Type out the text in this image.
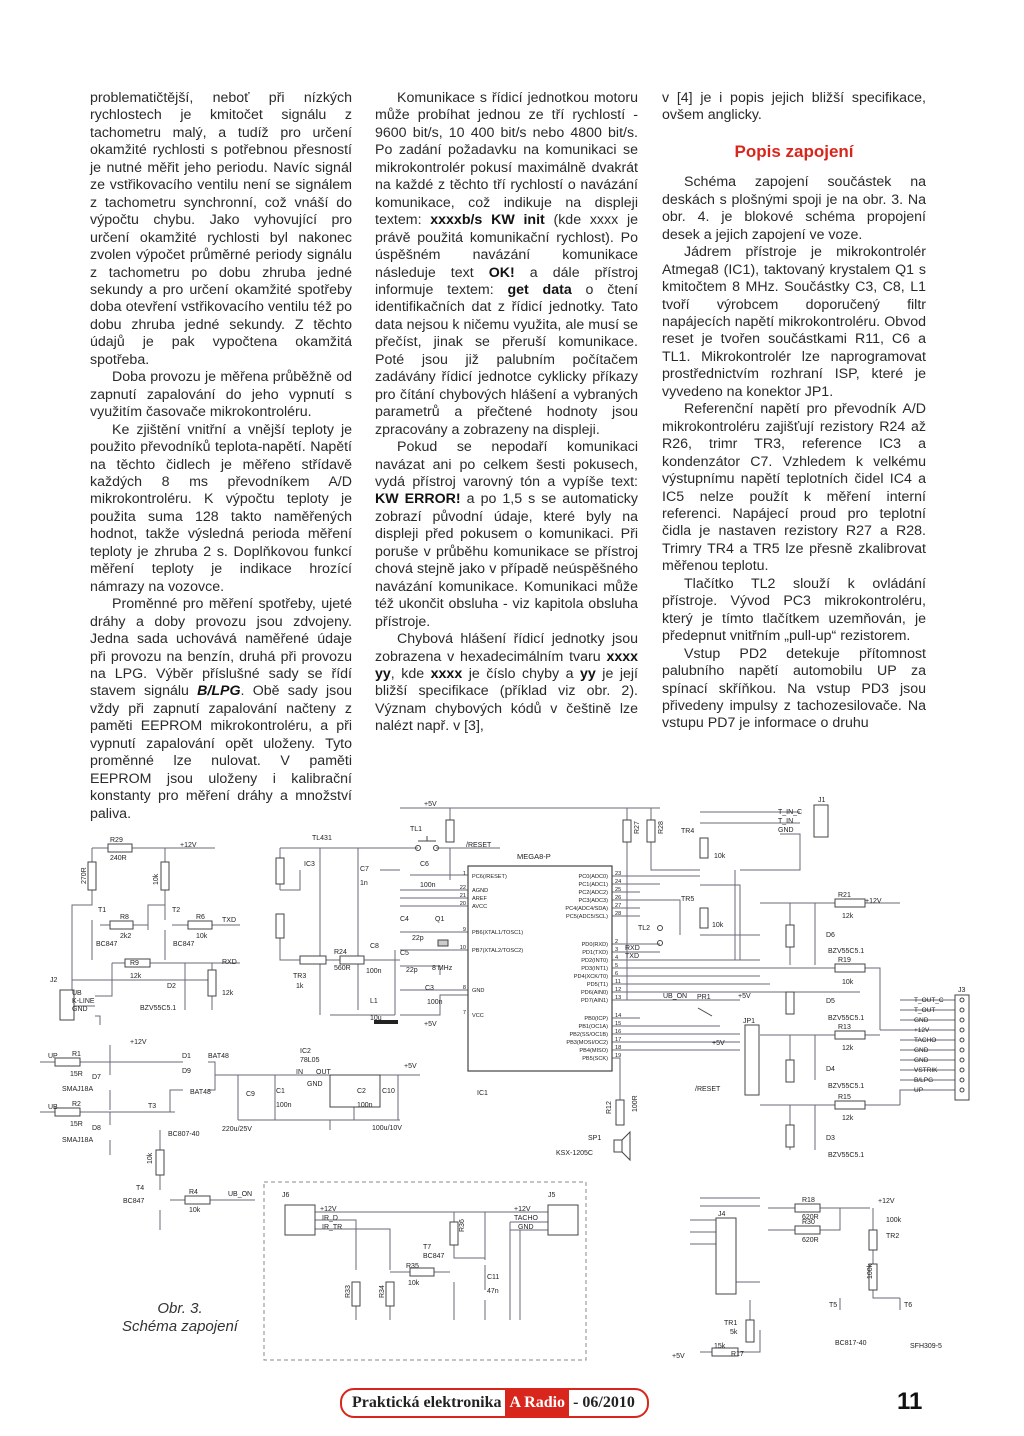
problematičtější, neboť při nízkých rychlostech je kmitočet signálu z tachometru malý, a tudíž pro určení okamžité rychlosti s potřebnou přesností je nutné měřit jeho periodu. Navíc signál ze vstřikovacího ventilu není se signálem z tachometru synchronní, což vnáší do výpočtu chybu. Jako vyhovující pro určení okamžité rychlosti byl nakonec zvolen výpočet průměrné periody signálu z tachometru po dobu zhruba jedné sekundy a pro určení okamžité spotřeby doba otevření vstřikovacího ventilu též po dobu zhruba jedné sekundy. Z těchto údajů je pak vypočtena okamžitá spotřeba.

Doba provozu je měřena průběžně od zapnutí zapalování do jeho vypnutí s využitím časovače mikrokontroléru.

Ke zjištění vnitřní a vnější teploty je použito převodníků teplota-napětí. Napětí na těchto čidlech je měřeno střídavě každých 8 ms převodníkem A/D mikrokontroléru. K výpočtu teploty je použita suma 128 takto naměřených hodnot, takže výsledná perioda měření teploty je zhruba 2 s. Doplňkovou funkcí měření teploty je indikace hrozící námrazy na vozovce.

Proměnné pro měření spotřeby, ujeté dráhy a doby provozu jsou zdvojeny. Jedna sada uchovává naměřené údaje při provozu na benzín, druhá při provozu na LPG. Výběr příslušné sady se řídí stavem signálu B/LPG. Obě sady jsou vždy při zapnutí zapalování načteny z paměti EEPROM mikrokontroléru, a při vypnutí zapalování opět uloženy. Tyto proměnné lze nulovat. V paměti EEPROM jsou uloženy i kalibrační konstanty pro měření dráhy a množství paliva.

Komunikace s řídicí jednotkou motoru může probíhat jednou ze tří rychlostí - 9600 bit/s, 10 400 bit/s nebo 4800 bit/s. Po zadání požadavku na komunikaci se mikrokontrolér pokusí maximálně dvakrát na každé z těchto tří rychlostí o navázání komunikace, což indikuje na displeji textem: xxxxb/s KW init (kde xxxx je právě použitá komunikační rychlost). Po úspěšném navázání komunikace následuje text OK! a dále přístroj informuje textem: get data o čtení identifikačních dat z řídicí jednotky. Tato data nejsou k ničemu využita, ale musí se přečíst, jinak se přeruší komunikace. Poté jsou již palubním počítačem zadávány řídicí jednotce cyklicky příkazy pro čítání chybových hlášení a vybraných parametrů a přečtené hodnoty jsou zpracovány a zobrazeny na displeji.

Pokud se nepodaří komunikaci navázat ani po celkem šesti pokusech, vydá přístroj varovný tón a vypíše text: KW ERROR! a po 1,5 s se automaticky zobrazí původní údaje, které byly na displeji před pokusem o komunikaci. Při poruše v průběhu komunikace se přístroj chová stejně jako v případě neúspěšného navázání komunikace. Komunikaci může též ukončit obsluha - viz kapitola obsluha přístroje.

Chybová hlášení řídicí jednotky jsou zobrazena v hexadecimálním tvaru xxxx yy, kde xxxx je číslo chyby a yy je její bližší specifikace (příklad viz obr. 2). Význam chybových kódů v češtině lze nalézt např. v [3],

v [4] je i popis jejich bližší specifikace, ovšem anglicky.

Popis zapojení

Schéma zapojení součástek na deskách s plošnými spoji je na obr. 3. Na obr. 4. je blokové schéma propojení desek a jejich zapojení ve voze.

Jádrem přístroje je mikrokontrolér Atmega8 (IC1), taktovaný krystalem Q1 s kmitočtem 8 MHz. Součástky C3, C8, L1 tvoří výrobcem doporučený filtr napájecích napětí mikrokontroléru. Obvod reset je tvořen součástkami R11, C6 a TL1. Mikrokontrolér lze naprogramovat prostřednictvím rozhraní ISP, které je vyvedeno na konektor JP1.

Referenční napětí pro převodník A/D mikrokontroléru zajišťují rezistory R24 až R26, trimr TR3, reference IC3 a kondenzátor C7. Vzhledem k velkému výstupnímu napětí teplotních čidel IC4 a IC5 nelze použít k měření interní referenci. Napájecí proud pro teplotní čidla je nastaven rezistory R27 a R28. Trimry TR4 a TR5 lze přesně zkalibrovat měřenou teplotu.

Tlačítko TL2 slouží k ovládání přístroje. Vývod PC3 mikrokontroléru, který je tímto tlačítkem uzemňován, je předepnut vnitřním „pull-up“ rezistorem.

Vstup PD2 detekuje přítomnost palubního napětí automobilu UP za spínací skříňkou. Na vstup PD3 jsou přivedeny impulsy z tachozesilovače. Na vstupu PD7 je informace o druhu

MEGA8-P
IC1
PC6(/RESET)
1
AGND
22
AREF
21
AVCC
20
PB6(XTAL1/TOSC1)
9
PB7(XTAL2/TOSC2)
10
GND
8
VCC
7
PC0(ADC0) 23
PC1(ADC1) 24
PC2(ADC2) 25
PC3(ADC3) 26
PC4(ADC4/SDA) 27
PC5(ADC5/SCL) 28
PD0(RXD) 2
PD1(TXD) 3
PD2(INT0) 4
PD3(INT1) 5
PD4(XCK/T0) 6
PD5(T1) 11
PD6(AIN0) 12
PD7(AIN1) 13
PB0(ICP) 14
PB1(OC1A) 15
PB2(SS/OC1B) 16
PB3(MOSI/OC2) 17
PB4(MISO) 18
PB5(SCK) 19
R29
240R
+12V
270R	10k
T1	T2
R8
2k2
R6
10k
TXD
BC847	BC847
R9
12k
RXD
D2
BZV55C5.1
12k
J2
UB
K-LINE
GND
TL431
IC3
C7
1n
TR3
1k
R24
560R
C8
100n
L1
10u
+5V
TL1
/RESET
C6
100n
C4
22p
Q1
C5
22p 8 MHz
C3
100n
+5V
R27 R28 TR4
10k
TR5
10k
TL2
RXD
TXD
J1
T_IN_C
T_IN
GND
R21
12k
+12V
D6
BZV55C5.1
R19
10k
D5
BZV55C5.1
R13
12k
D4
BZV55C5.1
R15
12k
D3
BZV55C5.1
UB_ON PR1	+5V
JP1
+5V
/RESET
J3
T_OUT_C
T_OUT
GND
+12V
TACHO
GND
GND
VSTRIK
B/LPG
UP
UP R1
15R D7
SMAJ18A
+12V
UB R2
15R
D8
SMAJ18A
D1 BAT48
D9
BAT48
T3
BC807-40
C9
220u/25V
C1
100n
IC2
78L05
IN OUT
GND
C2
100n
C10
100u/10V
+5V
10k
T4
BC847
R4
10k
UB_ON	J6
+12V
IR_D
IR_TR
J5
+12V
TACHO
GND
R36
T7
BC847
R35
10k
R33	R34
C11
47n
R12	100R
SP1
KSX-1205C
J4
R18
620R
R30
620R
+12V
100k
TR2
100k
TR1
5k
15k
R17
+5V
T5
BC817-40
T6
SFH309-5
Obr. 3.
Schéma zapojení
Praktická elektronika A Radio - 06/2010	11
